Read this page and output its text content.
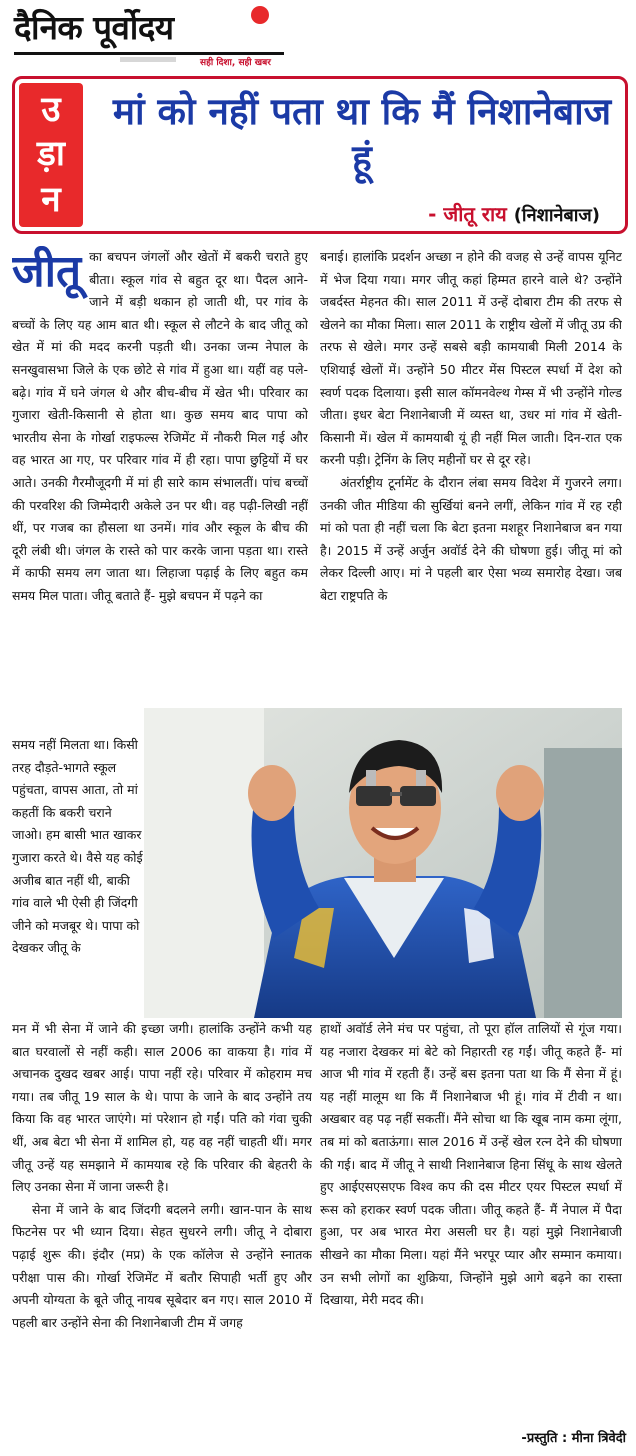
दैनिक पूर्वोदय
सही दिशा, सही खबर
उ
ड़ा
न
मां को नहीं पता था कि मैं निशानेबाज हूं
- जीतू राय (निशानेबाज)

जीतू का बचपन जंगलों और खेतों में बकरी चराते हुए बीता। स्कूल गांव से बहुत दूर था। पैदल आने-जाने में बड़ी थकान हो जाती थी, पर गांव के बच्चों के लिए यह आम बात थी। स्कूल से लौटने के बाद जीतू को खेत में मां की मदद करनी पड़ती थी। उनका जन्म नेपाल के सनखुवासभा जिले के एक छोटे से गांव में हुआ था। यहीं वह पले-बढ़े। गांव में घने जंगल थे और बीच-बीच में खेत भी। परिवार का गुजारा खेती-किसानी से होता था। कुछ समय बाद पापा को भारतीय सेना के गोर्खा राइफल्स रेजिमेंट में नौकरी मिल गई और वह भारत आ गए, पर परिवार गांव में ही रहा। पापा छुट्टियों में घर आते। उनकी गैरमौजूदगी में मां ही सारे काम संभालतीं। पांच बच्चों की परवरिश की जिम्मेदारी अकेले उन पर थी। वह पढ़ी-लिखी नहीं थीं, पर गजब का हौसला था उनमें। गांव और स्कूल के बीच की दूरी लंबी थी। जंगल के रास्ते को पार करके जाना पड़ता था। रास्ते में काफी समय लग जाता था। लिहाजा पढ़ाई के लिए बहुत कम समय मिल पाता। जीतू बताते हैं- मुझे बचपन में पढ़ने का

बनाई। हालांकि प्रदर्शन अच्छा न होने की वजह से उन्हें वापस यूनिट में भेज दिया गया। मगर जीतू कहां हिम्मत हारने वाले थे? उन्होंने जबर्दस्त मेहनत की। साल 2011 में उन्हें दोबारा टीम की तरफ से खेलने का मौका मिला। साल 2011 के राष्ट्रीय खेलों में जीतू उप्र की तरफ से खेले। मगर उन्हें सबसे बड़ी कामयाबी मिली 2014 के एशियाई खेलों में। उन्होंने 50 मीटर मेंस पिस्टल स्पर्धा में देश को स्वर्ण पदक दिलाया। इसी साल कॉमनवेल्थ गेम्स में भी उन्होंने गोल्ड जीता। इधर बेटा निशानेबाजी में व्यस्त था, उधर मां गांव में खेती-किसानी में। खेल में कामयाबी यूं ही नहीं मिल जाती। दिन-रात एक करनी पड़ी। ट्रेनिंग के लिए महीनों घर से दूर रहे।

अंतर्राष्ट्रीय टूर्नामेंट के दौरान लंबा समय विदेश में गुजरने लगा। उनकी जीत मीडिया की सुर्खियां बनने लगीं, लेकिन गांव में रह रही मां को पता ही नहीं चला कि बेटा इतना मशहूर निशानेबाज बन गया है। 2015 में उन्हें अर्जुन अवॉर्ड देने की घोषणा हुई। जीतू मां को लेकर दिल्ली आए। मां ने पहली बार ऐसा भव्य समारोह देखा। जब बेटा राष्ट्रपति के

समय नहीं मिलता था। किसी तरह दौड़ते-भागते स्कूल पहुंचता, वापस आता, तो मां कहतीं कि बकरी चराने जाओ। हम बासी भात खाकर गुजारा करते थे। वैसे यह कोई अजीब बात नहीं थी, बाकी गांव वाले भी ऐसी ही जिंदगी जीने को मजबूर थे। पापा को देखकर जीतू के

मन में भी सेना में जाने की इच्छा जगी। हालांकि उन्होंने कभी यह बात घरवालों से नहीं कही। साल 2006 का वाकया है। गांव में अचानक दुखद खबर आई। पापा नहीं रहे। परिवार में कोहराम मच गया। तब जीतू 19 साल के थे। पापा के जाने के बाद उन्होंने तय किया कि वह भारत जाएंगे। मां परेशान हो गईं। पति को गंवा चुकी थीं, अब बेटा भी सेना में शामिल हो, यह वह नहीं चाहती थीं। मगर जीतू उन्हें यह समझाने में कामयाब रहे कि परिवार की बेहतरी के लिए उनका सेना में जाना जरूरी है।

सेना में जाने के बाद जिंदगी बदलने लगी। खान-पान के साथ फिटनेस पर भी ध्यान दिया। सेहत सुधरने लगी। जीतू ने दोबारा पढ़ाई शुरू की। इंदौर (मप्र) के एक कॉलेज से उन्होंने स्नातक परीक्षा पास की। गोर्खा रेजिमेंट में बतौर सिपाही भर्ती हुए और अपनी योग्यता के बूते जीतू नायब सूबेदार बन गए। साल 2010 में पहली बार उन्होंने सेना की निशानेबाजी टीम में जगह

हाथों अवॉर्ड लेने मंच पर पहुंचा, तो पूरा हॉल तालियों से गूंज गया। यह नजारा देखकर मां बेटे को निहारती रह गईं। जीतू कहते हैं- मां आज भी गांव में रहती हैं। उन्हें बस इतना पता था कि मैं सेना में हूं। यह नहीं मालूम था कि मैं निशानेबाज भी हूं। गांव में टीवी न था। अखबार वह पढ़ नहीं सकतीं। मैंने सोचा था कि खूब नाम कमा लूंगा, तब मां को बताऊंगा। साल 2016 में उन्हें खेल रत्न देने की घोषणा की गई। बाद में जीतू ने साथी निशानेबाज हिना सिंधू के साथ खेलते हुए आईएसएसएफ विश्व कप की दस मीटर एयर पिस्टल स्पर्धा में रूस को हराकर स्वर्ण पदक जीता। जीतू कहते हैं- मैं नेपाल में पैदा हुआ, पर अब भारत मेरा असली घर है। यहां मुझे निशानेबाजी सीखने का मौका मिला। यहां मैंने भरपूर प्यार और सम्मान कमाया। उन सभी लोगों का शुक्रिया, जिन्होंने मुझे आगे बढ़ने का रास्ता दिखाया, मेरी मदद की।

-प्रस्तुति : मीना त्रिवेदी
